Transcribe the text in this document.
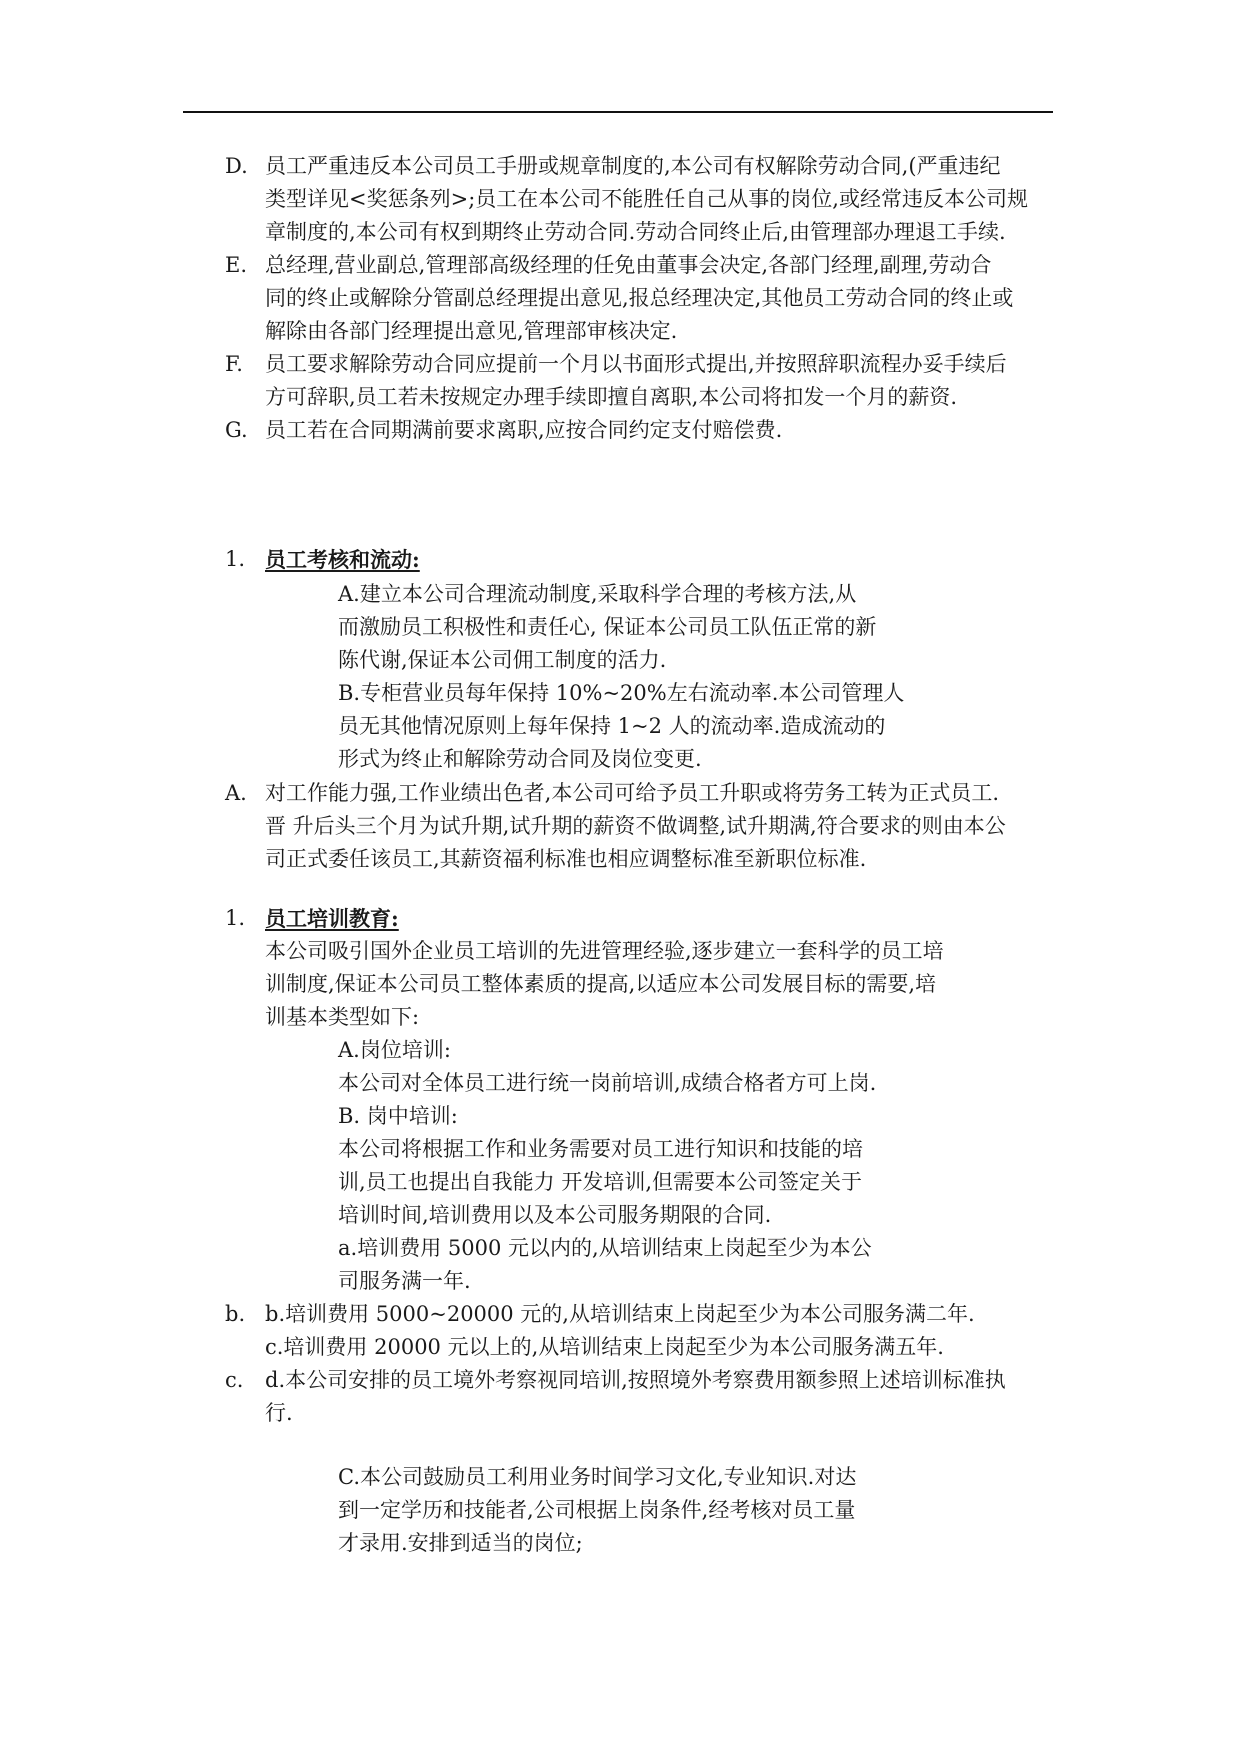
D. 员工严重违反本公司员工手册或规章制度的,本公司有权解除劳动合同,(严重违纪
类型详见<奖惩条列>;员工在本公司不能胜任自己从事的岗位,或经常违反本公司规
章制度的,本公司有权到期终止劳动合同.劳动合同终止后,由管理部办理退工手续.
E. 总经理,营业副总,管理部高级经理的任免由董事会决定,各部门经理,副理,劳动合
同的终止或解除分管副总经理提出意见,报总经理决定,其他员工劳动合同的终止或
解除由各部门经理提出意见,管理部审核决定.
F. 员工要求解除劳动合同应提前一个月以书面形式提出,并按照辞职流程办妥手续后
方可辞职,员工若未按规定办理手续即擅自离职,本公司将扣发一个月的薪资.
G. 员工若在合同期满前要求离职,应按合同约定支付赔偿费.
1. 员工考核和流动:
A.建立本公司合理流动制度,采取科学合理的考核方法,从
而激励员工积极性和责任心, 保证本公司员工队伍正常的新
陈代谢,保证本公司佣工制度的活力.
B.专柜营业员每年保持 10%~20%左右流动率.本公司管理人
员无其他情况原则上每年保持 1~2 人的流动率.造成流动的
形式为终止和解除劳动合同及岗位变更.
A. 对工作能力强,工作业绩出色者,本公司可给予员工升职或将劳务工转为正式员工.
晋 升后头三个月为试升期,试升期的薪资不做调整,试升期满,符合要求的则由本公
司正式委任该员工,其薪资福利标准也相应调整标准至新职位标准.
1. 员工培训教育:
本公司吸引国外企业员工培训的先进管理经验,逐步建立一套科学的员工培
训制度,保证本公司员工整体素质的提高,以适应本公司发展目标的需要,培
训基本类型如下:
A.岗位培训:
本公司对全体员工进行统一岗前培训,成绩合格者方可上岗.
B. 岗中培训:
本公司将根据工作和业务需要对员工进行知识和技能的培
训,员工也提出自我能力 开发培训,但需要本公司签定关于
培训时间,培训费用以及本公司服务期限的合同.
a.培训费用 5000 元以内的,从培训结束上岗起至少为本公
司服务满一年.
b. b.培训费用 5000~20000 元的,从培训结束上岗起至少为本公司服务满二年.
c.培训费用 20000 元以上的,从培训结束上岗起至少为本公司服务满五年.
c. d.本公司安排的员工境外考察视同培训,按照境外考察费用额参照上述培训标准执
行.
C.本公司鼓励员工利用业务时间学习文化,专业知识.对达
到一定学历和技能者,公司根据上岗条件,经考核对员工量
才录用.安排到适当的岗位;
